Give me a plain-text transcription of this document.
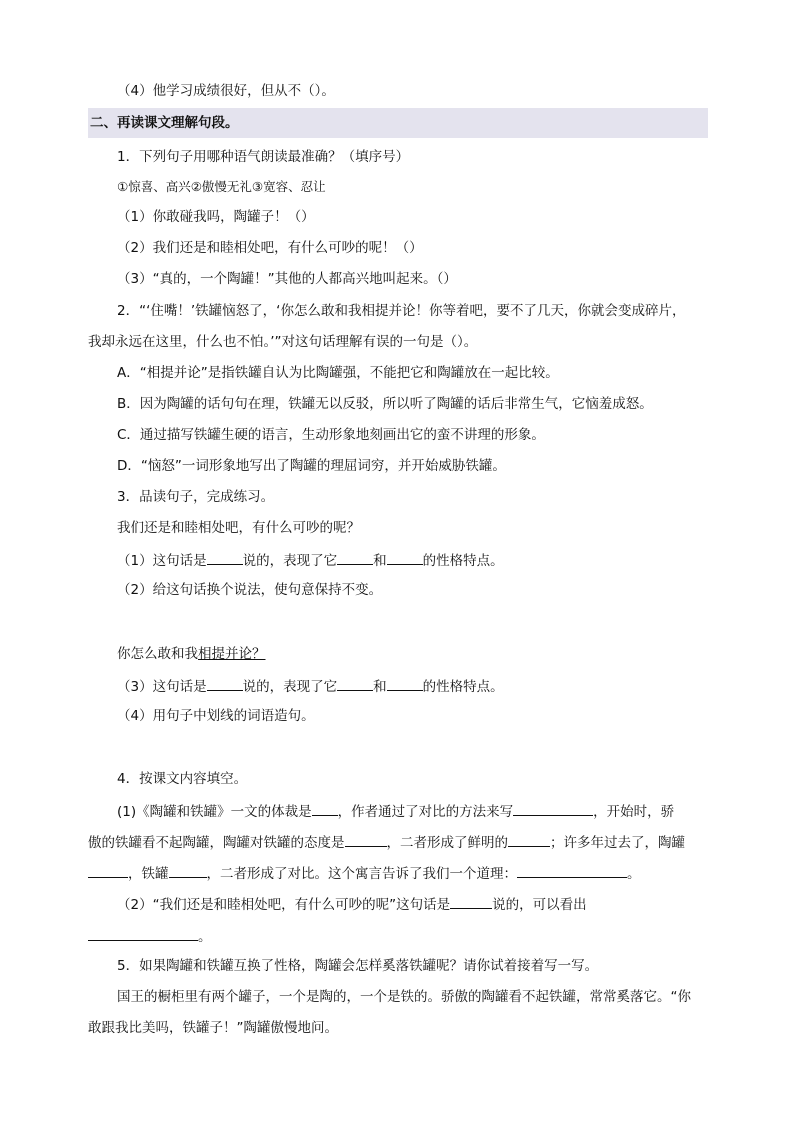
（4）他学习成绩很好，但从不（）。
二、再读课文理解句段。
1．下列句子用哪种语气朗读最准确？（填序号）
①惊喜、高兴②傲慢无礼③宽容、忍让
（1）你敢碰我吗，陶罐子！（）
（2）我们还是和睦相处吧，有什么可吵的呢！（）
（3）“真的，一个陶罐！”其他的人都高兴地叫起来。（）
2．“‘住嘴！’铁罐恼怒了，‘你怎么敢和我相提并论！你等着吧，要不了几天，你就会变成碎片，
我却永远在这里，什么也不怕。’”对这句话理解有误的一句是（）。
A．“相提并论”是指铁罐自认为比陶罐强，不能把它和陶罐放在一起比较。
B．因为陶罐的话句句在理，铁罐无以反驳，所以听了陶罐的话后非常生气，它恼羞成怒。
C．通过描写铁罐生硬的语言，生动形象地刻画出它的蛮不讲理的形象。
D．“恼怒”一词形象地写出了陶罐的理屈词穷，并开始威胁铁罐。
3．品读句子，完成练习。
我们还是和睦相处吧，有什么可吵的呢？
（1）这句话是	说的，表现了它	和	的性格特点。
（2）给这句话换个说法，使句意保持不变。
你怎么敢和我相提并论？
（3）这句话是	说的，表现了它	和	的性格特点。
（4）用句子中划线的词语造句。
4．按课文内容填空。
(1)《陶罐和铁罐》一文的体裁是 ，作者通过了对比的方法来写	，开始时，骄
傲的铁罐看不起陶罐，陶罐对铁罐的态度是	，二者形成了鲜明的	；许多年过去了，陶罐
，铁罐	，二者形成了对比。这个寓言告诉了我们一个道理：	。
（2）“我们还是和睦相处吧，有什么可吵的呢”这句话是	说的，可以看出
。
5．如果陶罐和铁罐互换了性格，陶罐会怎样奚落铁罐呢？请你试着接着写一写。
国王的橱柜里有两个罐子，一个是陶的，一个是铁的。骄傲的陶罐看不起铁罐，常常奚落它。“你
敢跟我比美吗，铁罐子！”陶罐傲慢地问。
